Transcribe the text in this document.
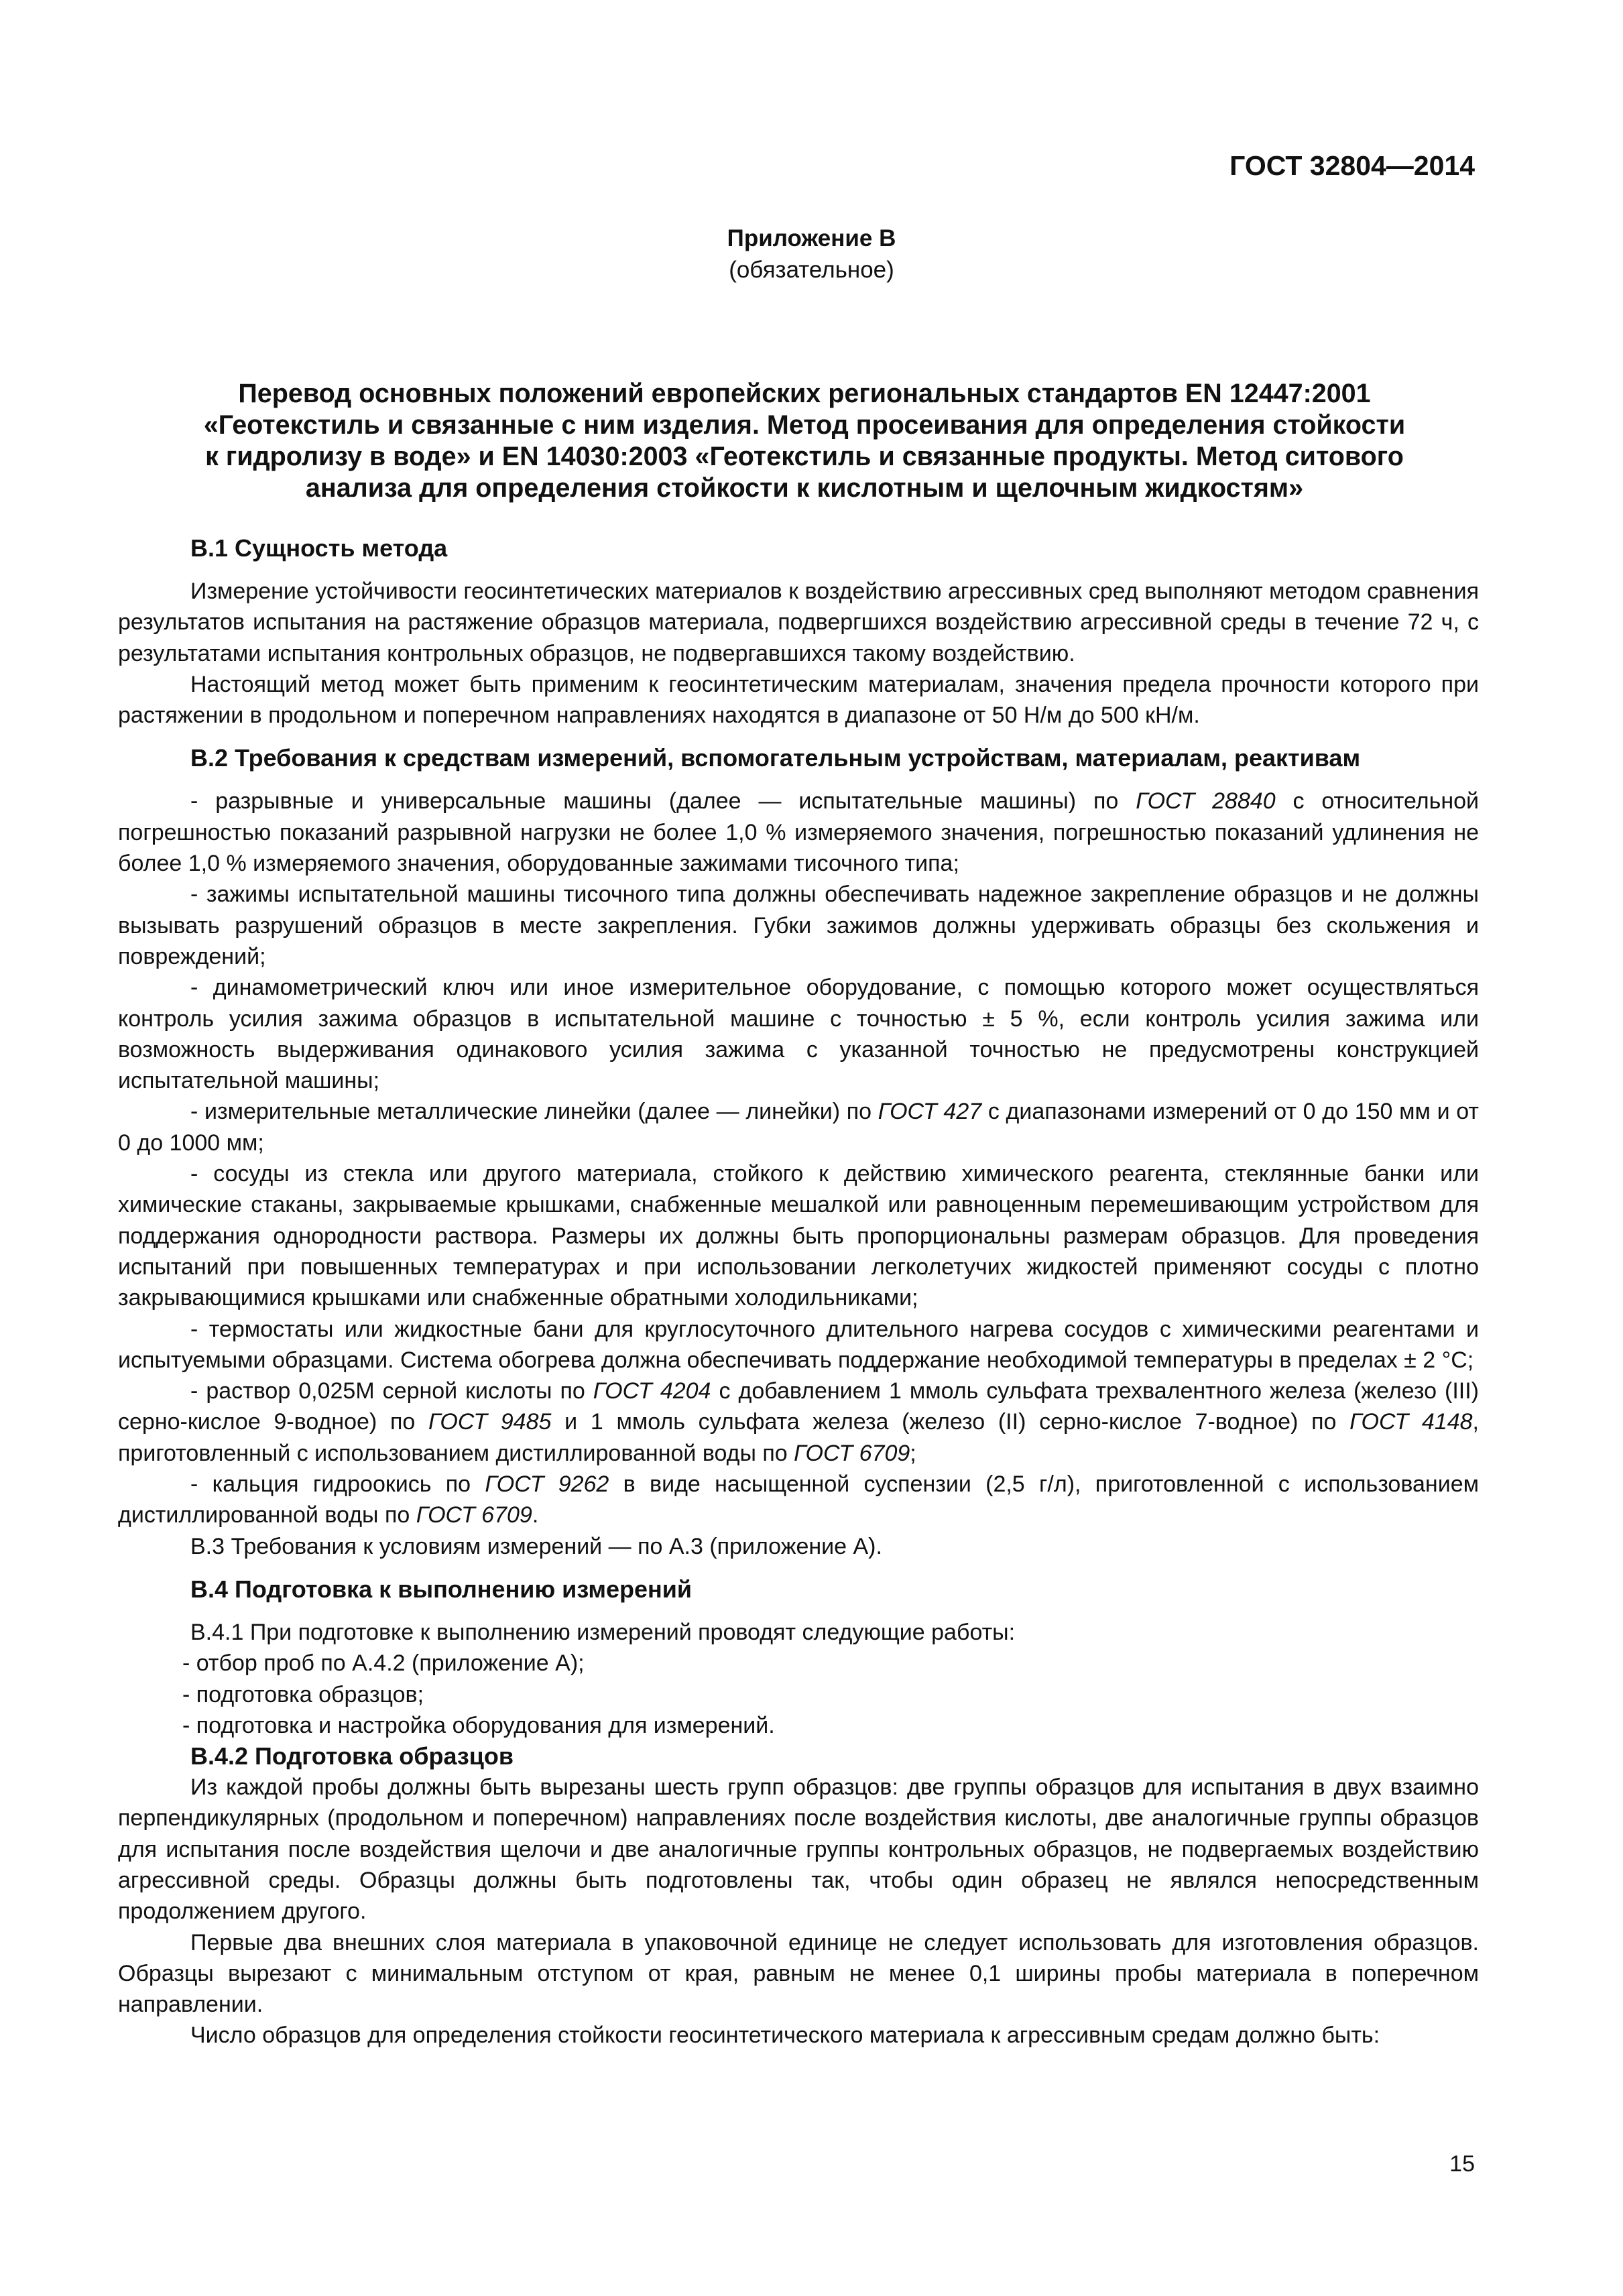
ГОСТ 32804—2014
Приложение В
(обязательное)
Перевод основных положений европейских региональных стандартов EN 12447:2001
«Геотекстиль и связанные с ним изделия. Метод просеивания для определения стойкости
к гидролизу в воде» и EN 14030:2003 «Геотекстиль и связанные продукты. Метод ситового
анализа для определения стойкости к кислотным и щелочным жидкостям»
В.1 Сущность метода

Измерение устойчивости геосинтетических материалов к воздействию агрессивных сред выполняют методом сравнения результатов испытания на растяжение образцов материала, подвергшихся воздействию агрессивной среды в течение 72 ч, с результатами испытания контрольных образцов, не подвергавшихся такому воздействию.

Настоящий метод может быть применим к геосинтетическим материалам, значения предела прочности которого при растяжении в продольном и поперечном направлениях находятся в диапазоне от 50 Н/м до 500 кН/м.

В.2 Требования к средствам измерений, вспомогательным устройствам, материалам, реактивам

- разрывные и универсальные машины (далее — испытательные машины) по ГОСТ 28840 с относительной погрешностью показаний разрывной нагрузки не более 1,0 % измеряемого значения, погрешностью показаний удлинения не более 1,0 % измеряемого значения, оборудованные зажимами тисочного типа;

- зажимы испытательной машины тисочного типа должны обеспечивать надежное закрепление образцов и не должны вызывать разрушений образцов в месте закрепления. Губки зажимов должны удерживать образцы без скольжения и повреждений;

- динамометрический ключ или иное измерительное оборудование, с помощью которого может осуществляться контроль усилия зажима образцов в испытательной машине с точностью ± 5 %, если контроль усилия зажима или возможность выдерживания одинакового усилия зажима с указанной точностью не предусмотрены конструкцией испытательной машины;

- измерительные металлические линейки (далее — линейки) по ГОСТ 427 с диапазонами измерений от 0 до 150 мм и от 0 до 1000 мм;

- сосуды из стекла или другого материала, стойкого к действию химического реагента, стеклянные банки или химические стаканы, закрываемые крышками, снабженные мешалкой или равноценным перемешивающим устройством для поддержания однородности раствора. Размеры их должны быть пропорциональны размерам образцов. Для проведения испытаний при повышенных температурах и при использовании легколетучих жидкостей применяют сосуды с плотно закрывающимися крышками или снабженные обратными холодильниками;

- термостаты или жидкостные бани для круглосуточного длительного нагрева сосудов с химическими реагентами и испытуемыми образцами. Система обогрева должна обеспечивать поддержание необходимой температуры в пределах ± 2 °С;

- раствор 0,025М серной кислоты по ГОСТ 4204 с добавлением 1 ммоль сульфата трехвалентного железа (железо (III) серно-кислое 9-водное) по ГОСТ 9485 и 1 ммоль сульфата железа (железо (II) серно-кислое 7-водное) по ГОСТ 4148, приготовленный с использованием дистиллированной воды по ГОСТ 6709;

- кальция гидроокись по ГОСТ 9262 в виде насыщенной суспензии (2,5 г/л), приготовленной с использованием дистиллированной воды по ГОСТ 6709.

В.3 Требования к условиям измерений — по А.3 (приложение А).

В.4 Подготовка к выполнению измерений

В.4.1 При подготовке к выполнению измерений проводят следующие работы:

- отбор проб по А.4.2 (приложение А);

- подготовка образцов;

- подготовка и настройка оборудования для измерений.

В.4.2 Подготовка образцов

Из каждой пробы должны быть вырезаны шесть групп образцов: две группы образцов для испытания в двух взаимно перпендикулярных (продольном и поперечном) направлениях после воздействия кислоты, две аналогичные группы образцов для испытания после воздействия щелочи и две аналогичные группы контрольных образцов, не подвергаемых воздействию агрессивной среды. Образцы должны быть подготовлены так, чтобы один образец не являлся непосредственным продолжением другого.

Первые два внешних слоя материала в упаковочной единице не следует использовать для изготовления образцов. Образцы вырезают с минимальным отступом от края, равным не менее 0,1 ширины пробы материала в поперечном направлении.

Число образцов для определения стойкости геосинтетического материала к агрессивным средам должно быть:

15
